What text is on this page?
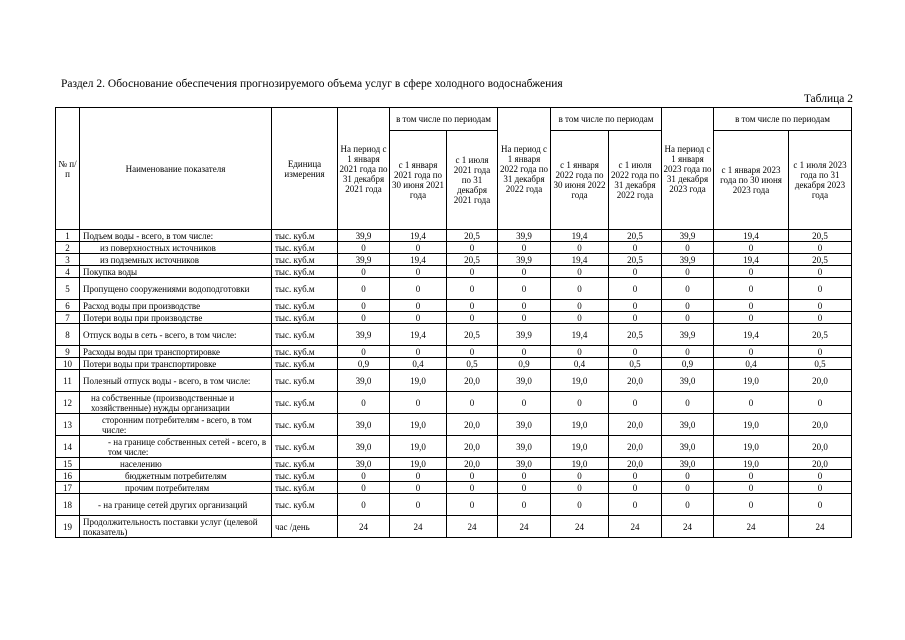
Раздел 2. Обоснование обеспечения прогнозируемого объема услуг в сфере холодного водоснабжения
Таблица 2
№ п/п	Наименование показателя	Единица измерения	На период с 1 января 2021 года по 31 декабря 2021 года	в том числе по периодам		На период с 1 января 2022 года по 31 декабря 2022 года	в том числе по периодам		На период с 1 января 2023 года по 31 декабря 2023 года	в том числе по периодам	
				с 1 января 2021 года по 30 июня 2021 года	с 1 июля 2021 года по 31 декабря 2021 года		с 1 января 2022 года по 30 июня 2022 года	с 1 июля 2022 года по 31 декабря 2022 года		с 1 января 2023 года по 30 июня 2023 года	с 1 июля 2023 года по 31 декабря 2023 года
1	Подъем воды - всего, в том числе:	тыс. куб.м	39,9	19,4	20,5	39,9	19,4	20,5	39,9	19,4	20,5
2	из поверхностных источников	тыс. куб.м	0	0	0	0	0	0	0	0	0
3	из подземных источников	тыс. куб.м	39,9	19,4	20,5	39,9	19,4	20,5	39,9	19,4	20,5
4	Покупка воды	тыс. куб.м	0	0	0	0	0	0	0	0	0
5	Пропущено сооружениями водоподготовки	тыс. куб.м	0	0	0	0	0	0	0	0	0
6	Расход воды при производстве	тыс. куб.м	0	0	0	0	0	0	0	0	0
7	Потери воды при производстве	тыс. куб.м	0	0	0	0	0	0	0	0	0
8	Отпуск воды в сеть - всего, в том числе:	тыс. куб.м	39,9	19,4	20,5	39,9	19,4	20,5	39,9	19,4	20,5
9	Расходы воды при транспортировке	тыс. куб.м	0	0	0	0	0	0	0	0	0
10	Потери воды при транспортировке	тыс. куб.м	0,9	0,4	0,5	0,9	0,4	0,5	0,9	0,4	0,5
11	Полезный отпуск воды - всего, в том числе:	тыс. куб.м	39,0	19,0	20,0	39,0	19,0	20,0	39,0	19,0	20,0
12	на собственные (производственные и хозяйственные) нужды организации	тыс. куб.м	0	0	0	0	0	0	0	0	0
13	сторонним потребителям - всего, в том числе:	тыс. куб.м	39,0	19,0	20,0	39,0	19,0	20,0	39,0	19,0	20,0
14	- на границе собственных сетей - всего, в том числе:	тыс. куб.м	39,0	19,0	20,0	39,0	19,0	20,0	39,0	19,0	20,0
15	населению	тыс. куб.м	39,0	19,0	20,0	39,0	19,0	20,0	39,0	19,0	20,0
16	бюджетным потребителям	тыс. куб.м	0	0	0	0	0	0	0	0	0
17	прочим потребителям	тыс. куб.м	0	0	0	0	0	0	0	0	0
18	- на границе сетей других организаций	тыс. куб.м	0	0	0	0	0	0	0	0	0
19	Продолжительность поставки услуг (целевой показатель)	час /день	24	24	24	24	24	24	24	24	24
